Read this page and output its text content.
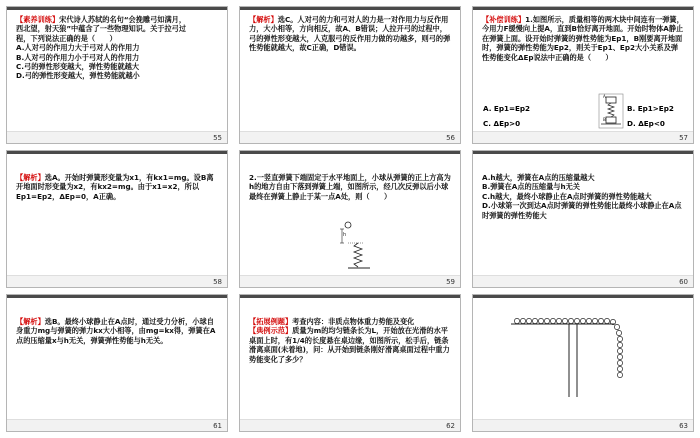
【素养训练】宋代诗人苏轼的名句“会挽雕弓如满月，
西北望，射天狼”中蕴含了一些物理知识。关于拉弓过
程，下列说法正确的是（　　）
A.人对弓的作用力大于弓对人的作用力
B.人对弓的作用力小于弓对人的作用力
C.弓的弹性形变越大，弹性势能就越大
D.弓的弹性形变越大，弹性势能就越小
55
【解析】选C。人对弓的力和弓对人的力是一对作用力与反作用力，大小相等，方向相反，故A、B错误；人拉开弓的过程中，弓的弹性形变越大，人克服弓的反作用力做的功越多，则弓的弹性势能就越大，故C正确，D错误。
56
【补偿训练】1.如图所示，质量相等的两木块中间连有一弹簧，今用力F缓慢向上提A，直到B恰好离开地面。开始时物体A静止在弹簧上面。设开始时弹簧的弹性势能为Ep1，B刚要离开地面时，弹簧的弹性势能为Ep2，则关于Ep1、Ep2大小关系及弹性势能变化ΔEp说法中正确的是（　　）
A. Ep1=Ep2
C. ΔEp>0
B. Ep1>Ep2
D. ΔEp<0
A
B
57
【解析】选A。开始时弹簧形变量为x1，有kx1=mg。设B离开地面时形变量为x2，有kx2=mg。由于x1=x2，所以Ep1=Ep2，ΔEp=0，A正确。
58
2.一竖直弹簧下端固定于水平地面上，小球从弹簧的正上方高为h的地方自由下落到弹簧上端，如图所示，经几次反弹以后小球最终在弹簧上静止于某一点A处，则（　　）
h
59
A.h越大，弹簧在A点的压缩量越大
B.弹簧在A点的压缩量与h无关
C.h越大，最终小球静止在A点时弹簧的弹性势能越大
D.小球第一次到达A点时弹簧的弹性势能比最终小球静止在A点时弹簧的弹性势能大
60
【解析】选B。最终小球静止在A点时，通过受力分析，小球自身重力mg与弹簧的弹力kx大小相等，由mg=kx得，弹簧在A点的压缩量x与h无关，弹簧弹性势能与h无关。
61
【拓展例题】考查内容：非质点物体重力势能及变化
【典例示范】质量为m的均匀链条长为L，开始放在光滑的水平桌面上时，有1/4的长度悬在桌边缘，如图所示，松手后，链条滑离桌面(未着地)，问：从开始到链条刚好滑离桌面过程中重力势能变化了多少？
62	63
